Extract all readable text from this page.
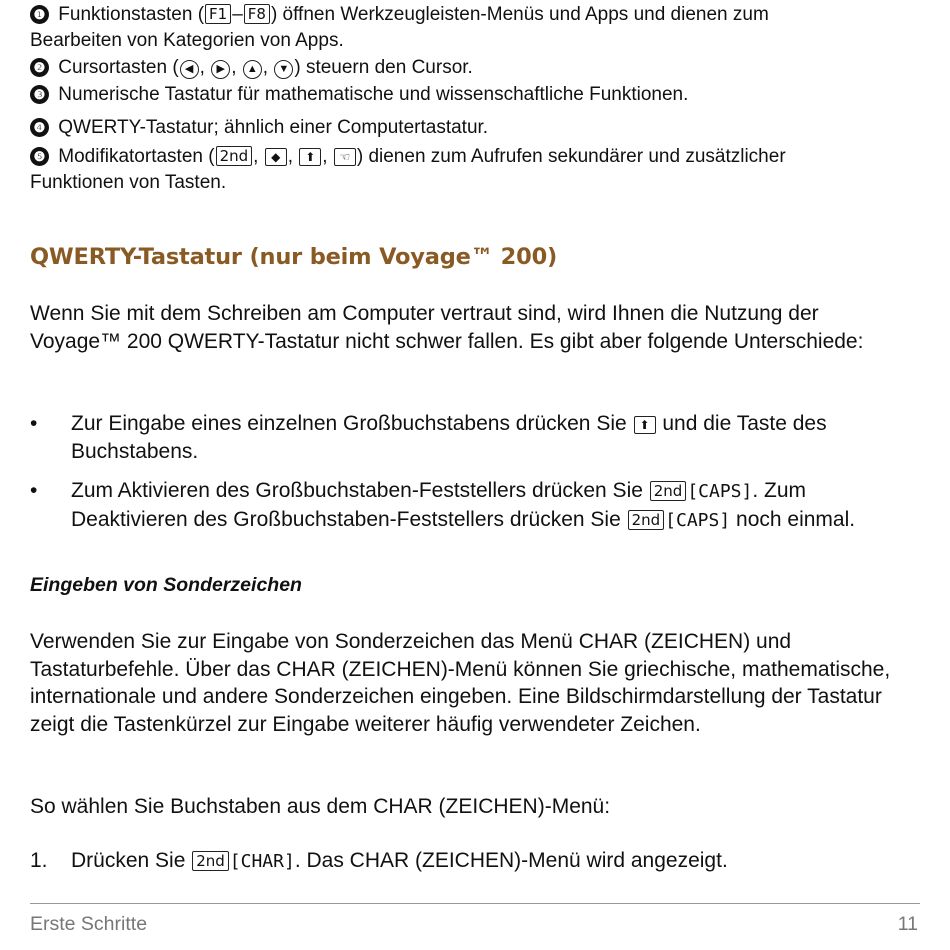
❶ Funktionstasten ( F1 – F8 ) öffnen Werkzeugleisten-Menüs und Apps und dienen zum
Bearbeiten von Kategorien von Apps.
❷ Cursortasten ( ◀ , ▶ , ▲ , ▼ ) steuern den Cursor.
❸ Numerische Tastatur für mathematische und wissenschaftliche Funktionen.
❹ QWERTY-Tastatur; ähnlich einer Computertastatur.
❺ Modifikatortasten ( 2nd , ◆ , ⬆ , ☜ ) dienen zum Aufrufen sekundärer und zusätzlicher
Funktionen von Tasten.
QWERTY-Tastatur (nur beim Voyage™ 200)

Wenn Sie mit dem Schreiben am Computer vertraut sind, wird Ihnen die Nutzung der Voyage™ 200 QWERTY-Tastatur nicht schwer fallen. Es gibt aber folgende Unterschiede:

• Zur Eingabe eines einzelnen Großbuchstabens drücken Sie ⬆ und die Taste des Buchstabens.
• Zum Aktivieren des Großbuchstaben-Feststellers drücken Sie 2nd [CAPS]. Zum Deaktivieren des Großbuchstaben-Feststellers drücken Sie 2nd [CAPS] noch einmal.
Eingeben von Sonderzeichen

Verwenden Sie zur Eingabe von Sonderzeichen das Menü CHAR (ZEICHEN) und Tastaturbefehle. Über das CHAR (ZEICHEN)-Menü können Sie griechische, mathematische, internationale und andere Sonderzeichen eingeben. Eine Bildschirmdarstellung der Tastatur zeigt die Tastenkürzel zur Eingabe weiterer häufig verwendeter Zeichen.

So wählen Sie Buchstaben aus dem CHAR (ZEICHEN)-Menü:

1. Drücken Sie 2nd [CHAR]. Das CHAR (ZEICHEN)-Menü wird angezeigt.
Erste Schritte	11
